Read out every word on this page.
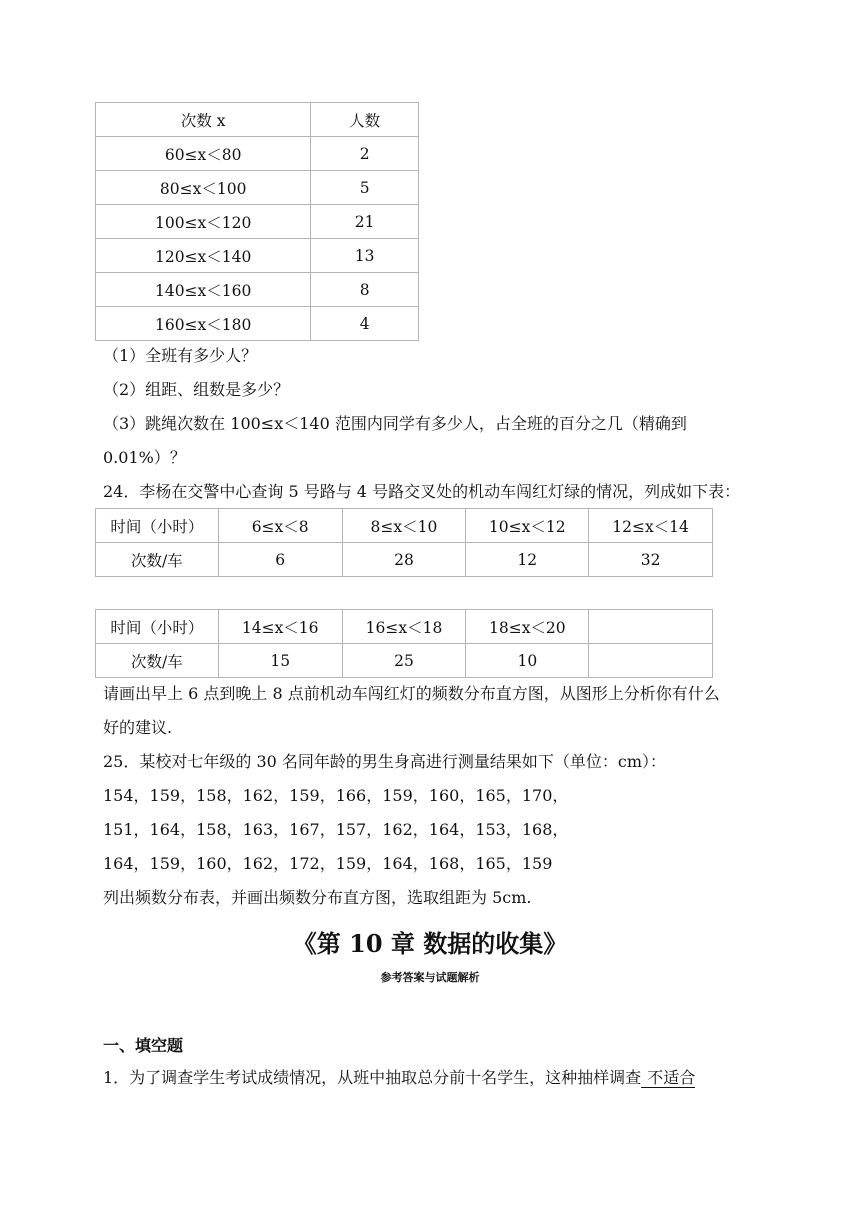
次数 x	人数
60≤x＜80	2
80≤x＜100	5
100≤x＜120	21
120≤x＜140	13
140≤x＜160	8
160≤x＜180	4
（1）全班有多少人？
（2）组距、组数是多少？
（3）跳绳次数在 100≤x＜140 范围内同学有多少人，占全班的百分之几（精确到
0.01%）？
24．李杨在交警中心查询 5 号路与 4 号路交叉处的机动车闯红灯绿的情况，列成如下表：
时间（小时）	6≤x＜8	8≤x＜10	10≤x＜12	12≤x＜14
次数/车	6	28	12	32
时间（小时）	14≤x＜16	16≤x＜18	18≤x＜20	
次数/车	15	25	10	
请画出早上 6 点到晚上 8 点前机动车闯红灯的频数分布直方图，从图形上分析你有什么
好的建议.
25．某校对七年级的 30 名同年龄的男生身高进行测量结果如下（单位：cm）：
154，159，158，162，159，166，159，160，165，170，
151，164，158，163，167，157，162，164，153，168，
164，159，160，162，172，159，164，168，165，159
列出频数分布表，并画出频数分布直方图，选取组距为 5cm.
《第 10 章 数据的收集》
参考答案与试题解析
一、填空题
1．为了调查学生考试成绩情况，从班中抽取总分前十名学生，这种抽样调查 不适合
